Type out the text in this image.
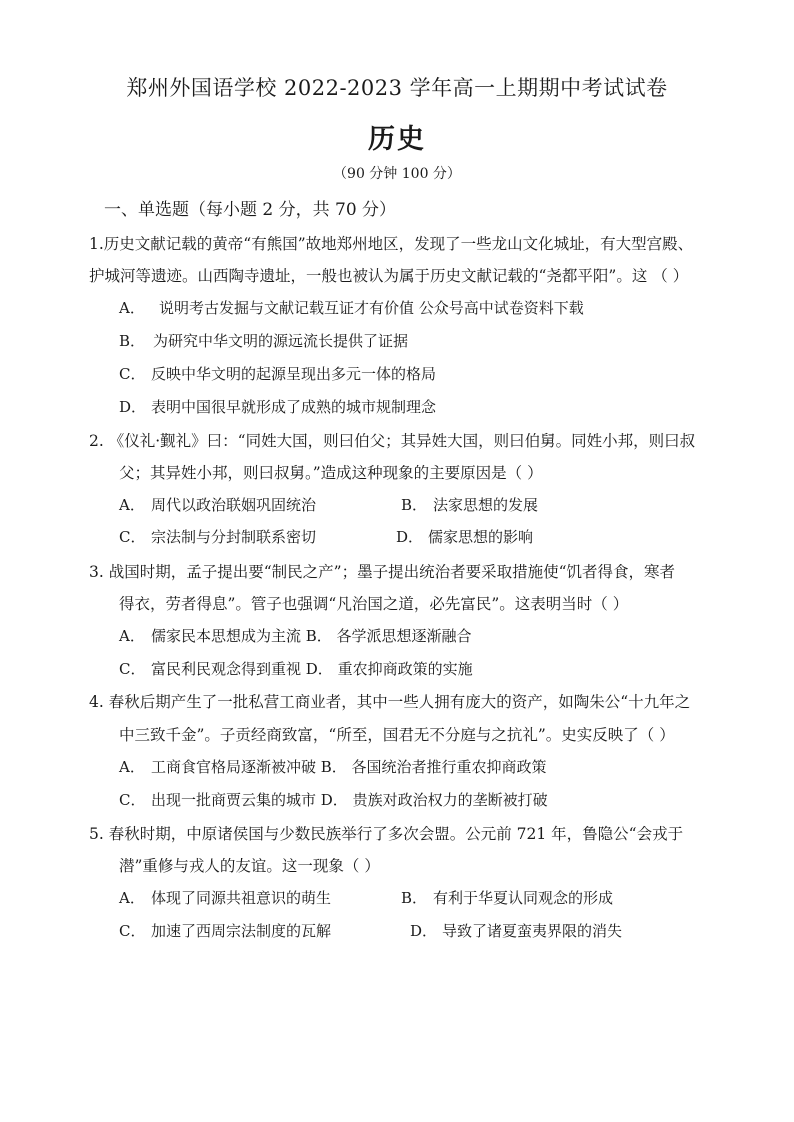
郑州外国语学校 2022-2023 学年高一上期期中考试试卷
历史
（90 分钟 100 分）
一、单选题（每小题 2 分，共 70 分）
1.历史文献记载的黄帝“有熊国”故地郑州地区，发现了一些龙山文化城址，有大型宫殿、
护城河等遗迹。山西陶寺遗址，一般也被认为属于历史文献记载的“尧都平阳”。这 （ ）
A． 说明考古发掘与文献记载互证才有价值 公众号高中试卷资料下载
B． 为研究中华文明的源远流长提供了证据
C． 反映中华文明的起源呈现出多元一体的格局
D． 表明中国很早就形成了成熟的城市规制理念
2. 《仪礼·觐礼》曰：“同姓大国，则曰伯父；其异姓大国，则曰伯舅。同姓小邦，则曰叔
父；其异姓小邦，则曰叔舅。”造成这种现象的主要原因是（ ）
A． 周代以政治联姻巩固统治	B． 法家思想的发展
C． 宗法制与分封制联系密切	D． 儒家思想的影响
3. 战国时期，孟子提出要“制民之产”；墨子提出统治者要采取措施使“饥者得食，寒者
得衣，劳者得息”。管子也强调“凡治国之道，必先富民”。这表明当时（ ）
A． 儒家民本思想成为主流 B． 各学派思想逐渐融合
C． 富民利民观念得到重视 D． 重农抑商政策的实施
4. 春秋后期产生了一批私营工商业者，其中一些人拥有庞大的资产，如陶朱公“十九年之
中三致千金”。子贡经商致富，“所至，国君无不分庭与之抗礼”。史实反映了（ ）
A． 工商食官格局逐渐被冲破 B． 各国统治者推行重农抑商政策
C． 出现一批商贾云集的城市 D． 贵族对政治权力的垄断被打破
5. 春秋时期，中原诸侯国与少数民族举行了多次会盟。公元前 721 年，鲁隐公“会戎于
潜”重修与戎人的友谊。这一现象（ ）
A． 体现了同源共祖意识的萌生	B． 有利于华夏认同观念的形成
C． 加速了西周宗法制度的瓦解	D． 导致了诸夏蛮夷界限的消失
